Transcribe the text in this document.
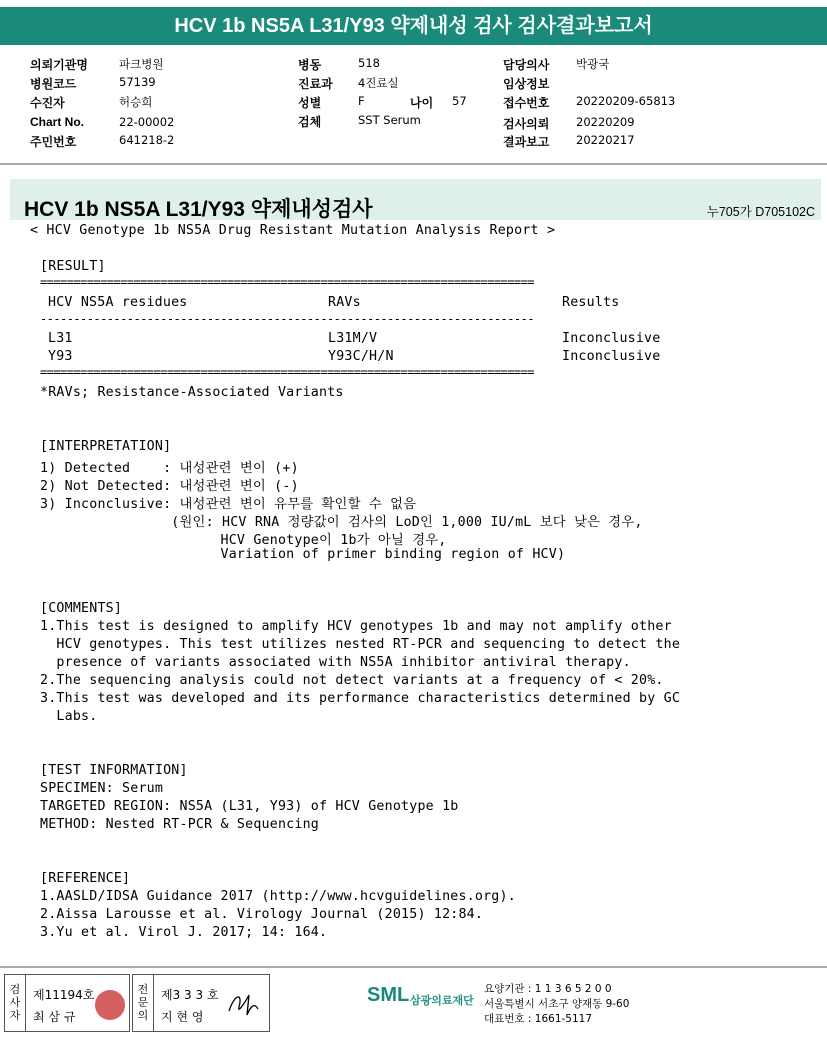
HCV 1b NS5A L31/Y93 약제내성 검사 검사결과보고서
의뢰기관명	파크병원
병원코드	57139
수진자	허승희
Chart No.	22-00002
주민번호	641218-2
병동	518
진료과 4진료실
성별	F	나이 57
검체	SST Serum
담당의사 박광국
임상정보
접수번호 20220209-65813
검사의뢰 20220209
결과보고 20220217
HCV 1b NS5A L31/Y93 약제내성검사	누705가 D705102C
< HCV Genotype 1b NS5A Drug Resistant Mutation Analysis Report >
[RESULT]
==========================================================================
HCV NS5A residues	RAVs	Results
--------------------------------------------------------------------------
L31	L31M/V	Inconclusive
Y93	Y93C/H/N	Inconclusive
==========================================================================
*RAVs; Resistance-Associated Variants
[INTERPRETATION]
1) Detected    : 내성관련 변이 (+)
2) Not Detected: 내성관련 변이 (-)
3) Inconclusive: 내성관련 변이 유무를 확인할 수 없음
(원인: HCV RNA 정량값이 검사의 LoD인 1,000 IU/mL 보다 낮은 경우,
HCV Genotype이 1b가 아닐 경우,
Variation of primer binding region of HCV)
[COMMENTS]
1.This test is designed to amplify HCV genotypes 1b and may not amplify other
HCV genotypes. This test utilizes nested RT-PCR and sequencing to detect the
presence of variants associated with NS5A inhibitor antiviral therapy.
2.The sequencing analysis could not detect variants at a frequency of < 20%.
3.This test was developed and its performance characteristics determined by GC
Labs.
[TEST INFORMATION]
SPECIMEN: Serum
TARGETED REGION: NS5A (L31, Y93) of HCV Genotype 1b
METHOD: Nested RT-PCR & Sequencing
[REFERENCE]
1.AASLD/IDSA Guidance 2017 (http://www.hcvguidelines.org).
2.Aissa Larousse et al. Virology Journal (2015) 12:84.
3.Yu et al. Virol J. 2017; 14: 164.
검사자
제11194호
최 삼 규
전문의
제3 3 3 호
지 현 영
SML 삼광의료재단
요양기관 : 1 1 3 6 5 2 0 0
서울특별시 서초구 양재동 9-60
대표번호 : 1661-5117
